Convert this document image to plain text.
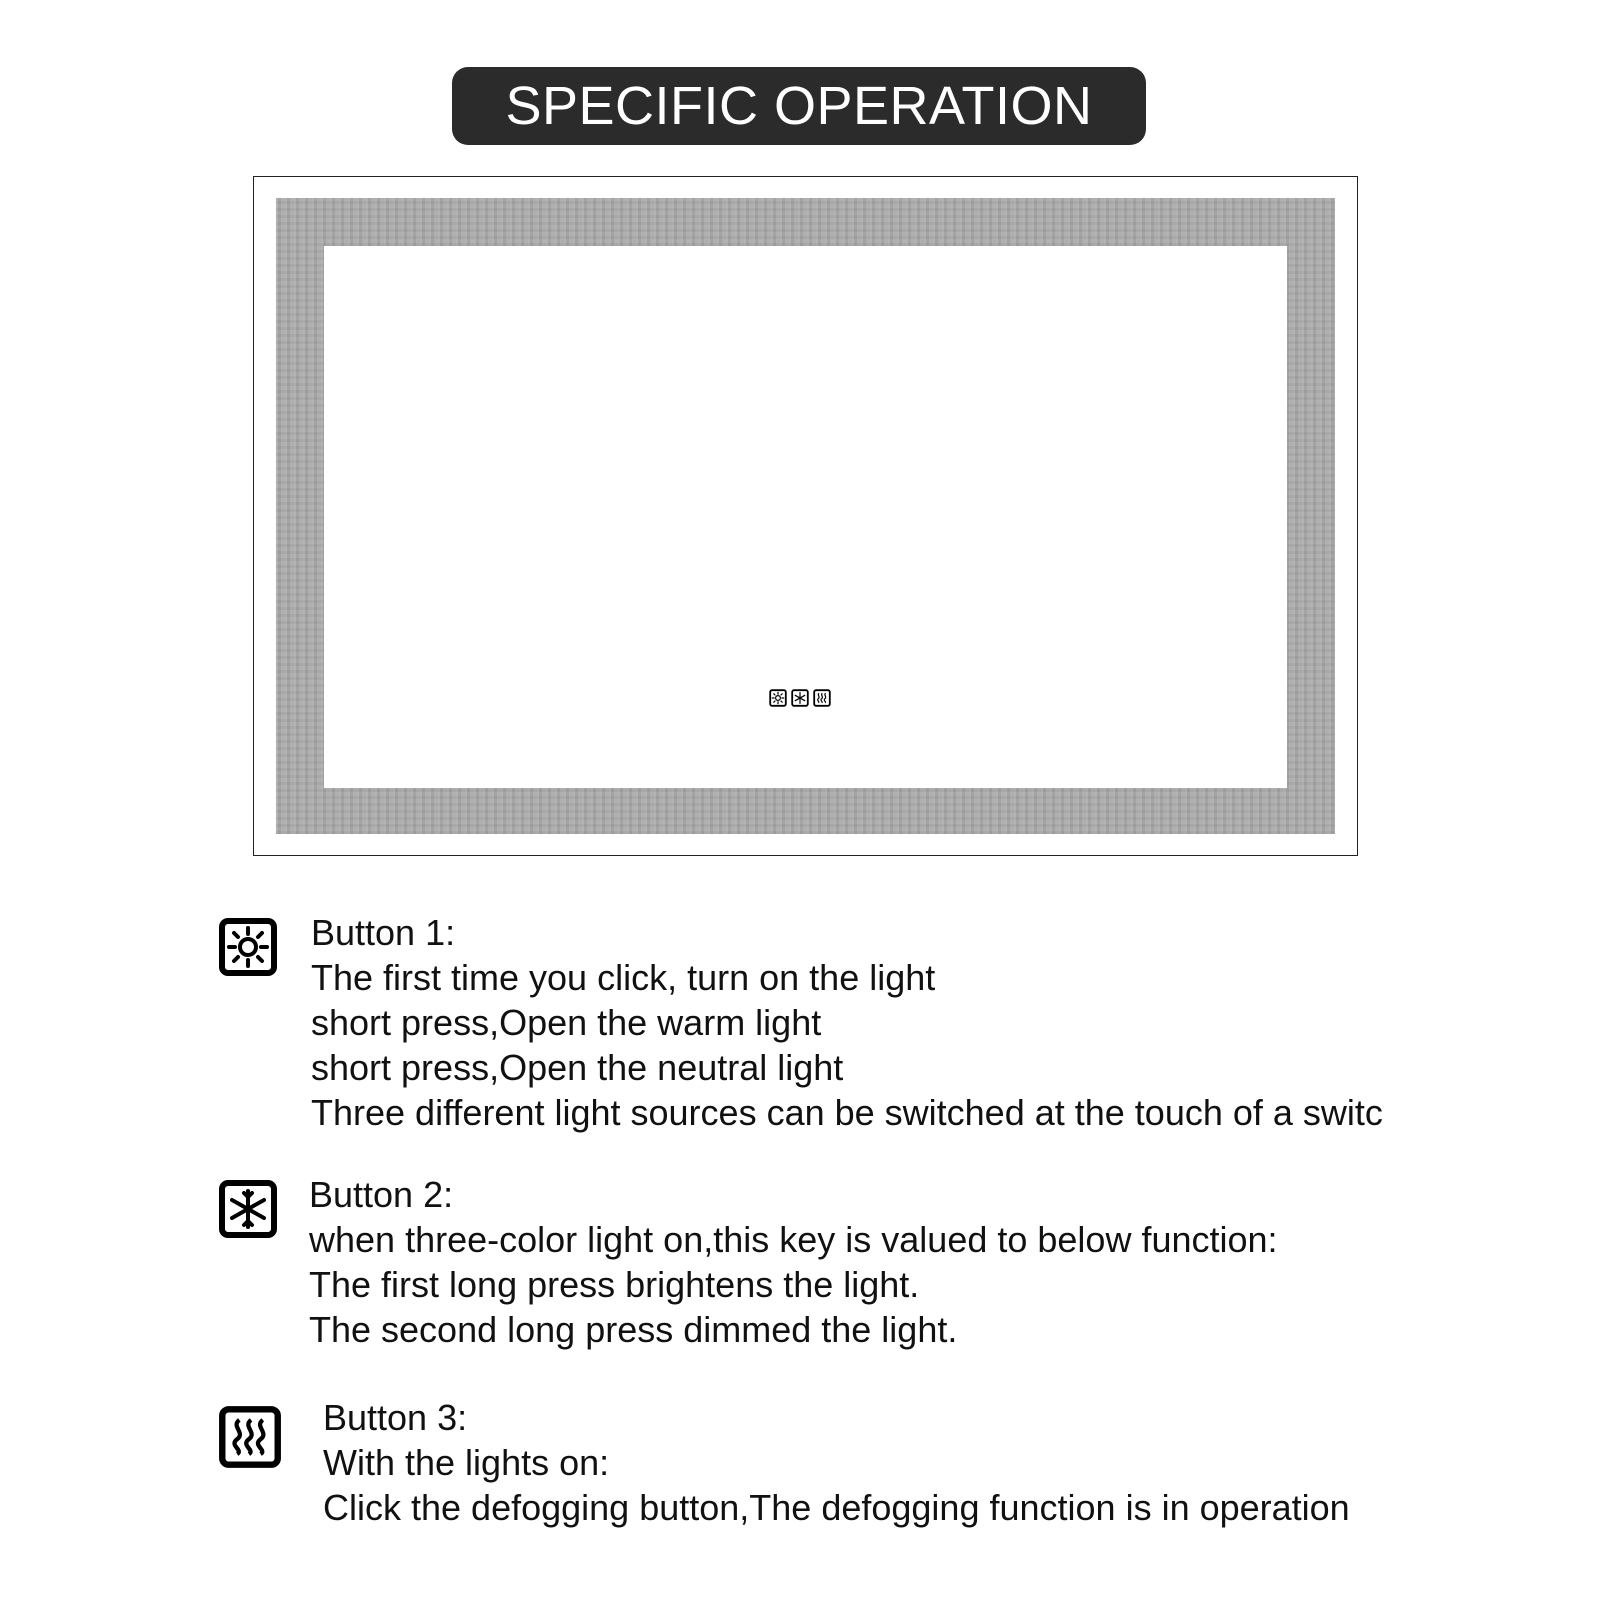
SPECIFIC OPERATION
Button 1:
The first time you click, turn on the light
short press,Open the warm light
short press,Open the neutral light
Three different light sources can be switched at the touch of a switc
Button 2:
when three-color light on,this key is valued to below function:
The first long press brightens the light.
The second long press dimmed the light.
Button 3:
With the lights on:
Click the defogging button,The defogging function is in operation
